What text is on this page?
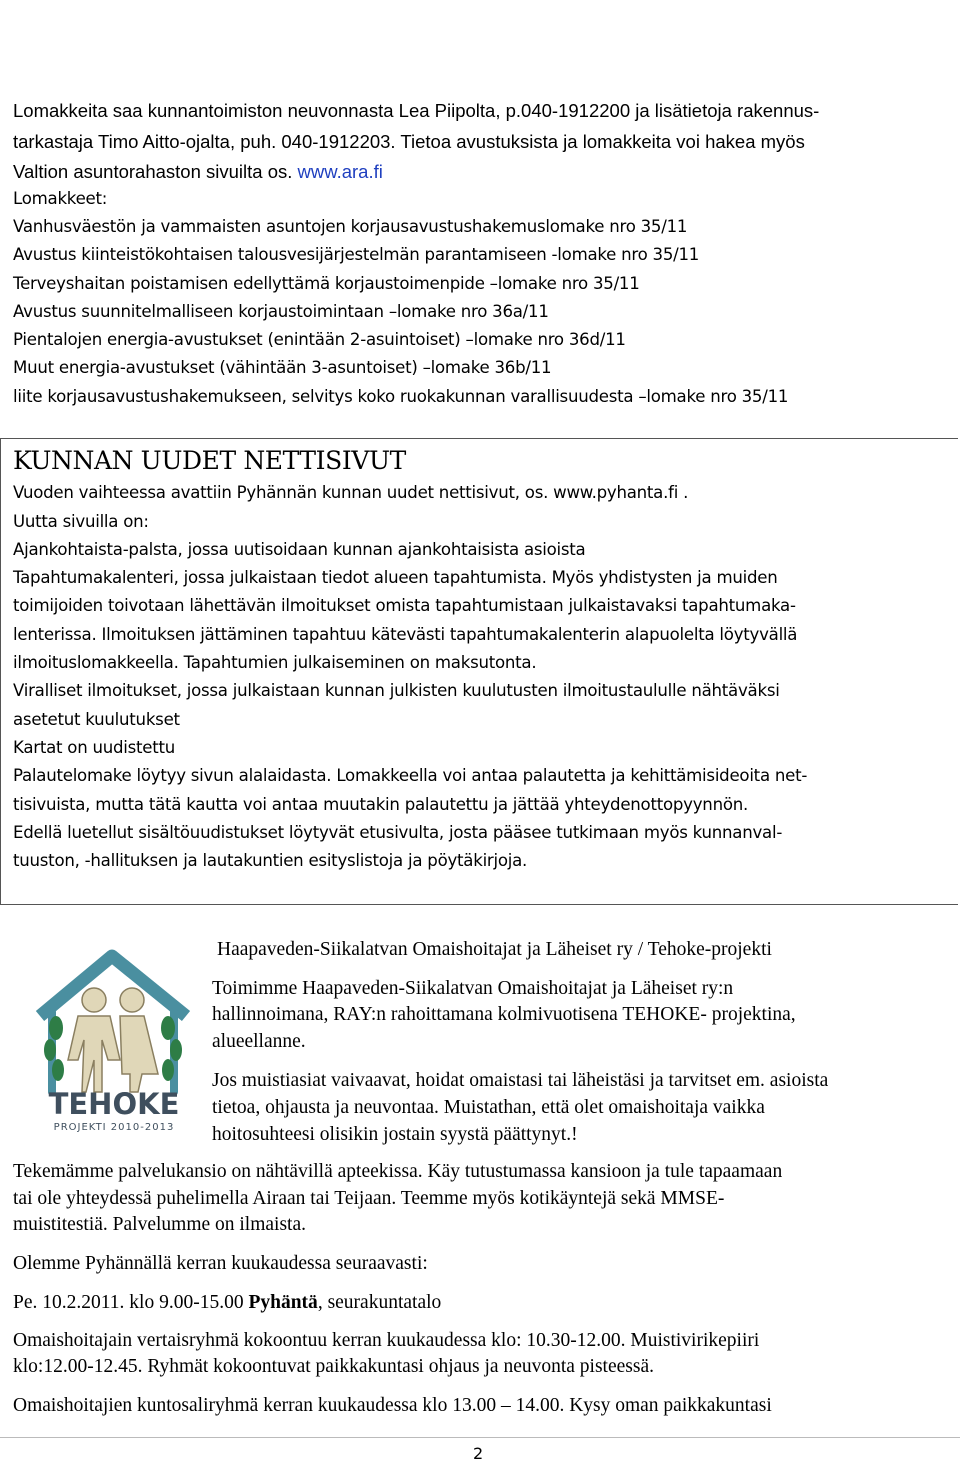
Lomakkeita saa kunnantoimiston neuvonnasta Lea Piipolta, p.040-1912200 ja lisätietoja rakennus-
tarkastaja Timo Aitto-ojalta, puh. 040-1912203. Tietoa avustuksista ja lomakkeita voi hakea myös
Valtion asuntorahaston sivuilta os. www.ara.fi
Lomakkeet:
Vanhusväestön ja vammaisten asuntojen korjausavustushakemuslomake nro 35/11
Avustus kiinteistökohtaisen talousvesijärjestelmän parantamiseen -lomake nro 35/11
Terveyshaitan poistamisen edellyttämä korjaustoimenpide –lomake nro 35/11
Avustus suunnitelmalliseen korjaustoimintaan –lomake nro 36a/11
Pientalojen energia-avustukset (enintään 2-asuintoiset) –lomake nro 36d/11
Muut energia-avustukset (vähintään 3-asuntoiset) –lomake 36b/11
liite korjausavustushakemukseen, selvitys koko ruokakunnan varallisuudesta –lomake nro 35/11
KUNNAN UUDET NETTISIVUT
Vuoden vaihteessa avattiin Pyhännän kunnan uudet nettisivut, os. www.pyhanta.fi .
Uutta sivuilla on:
Ajankohtaista-palsta, jossa uutisoidaan kunnan ajankohtaisista asioista
Tapahtumakalenteri, jossa julkaistaan tiedot alueen tapahtumista. Myös yhdistysten ja muiden
toimijoiden toivotaan lähettävän ilmoitukset omista tapahtumistaan julkaistavaksi tapahtumaka-
lenterissa. Ilmoituksen jättäminen tapahtuu kätevästi tapahtumakalenterin alapuolelta löytyvällä
ilmoituslomakkeella. Tapahtumien julkaiseminen on maksutonta.
Viralliset ilmoitukset, jossa julkaistaan kunnan julkisten kuulutusten ilmoitustaululle nähtäväksi
asetetut kuulutukset
Kartat on uudistettu
Palautelomake löytyy sivun alalaidasta. Lomakkeella voi antaa palautetta ja kehittämisideoita net-
tisivuista, mutta tätä kautta voi antaa muutakin palautettu ja jättää yhteydenottopyynnön.
Edellä luetellut sisältöuudistukset löytyvät etusivulta, josta pääsee tutkimaan myös kunnanval-
tuuston, -hallituksen ja lautakuntien esityslistoja ja pöytäkirjoja.
TEHOKE
PROJEKTI 2010-2013
Haapaveden-Siikalatvan Omaishoitajat ja Läheiset ry / Tehoke-projekti
Toimimme Haapaveden-Siikalatvan Omaishoitajat ja Läheiset ry:n
hallinnoimana, RAY:n rahoittamana kolmivuotisena TEHOKE- projektina,
alueellanne.
Jos muistiasiat vaivaavat, hoidat omaistasi tai läheistäsi ja tarvitset em. asioista
tietoa, ohjausta ja neuvontaa. Muistathan, että olet omaishoitaja vaikka
hoitosuhteesi olisikin jostain syystä päättynyt.!
Tekemämme palvelukansio on nähtävillä apteekissa. Käy tutustumassa kansioon ja tule tapaamaan
tai ole yhteydessä puhelimella Airaan tai Teijaan. Teemme myös kotikäyntejä sekä MMSE-
muistitestiä. Palvelumme on ilmaista.
Olemme Pyhännällä kerran kuukaudessa seuraavasti:
Pe. 10.2.2011. klo 9.00-15.00 Pyhäntä, seurakuntatalo
Omaishoitajain vertaisryhmä kokoontuu kerran kuukaudessa klo: 10.30-12.00. Muistivirikepiiri
klo:12.00-12.45. Ryhmät kokoontuvat paikkakuntasi ohjaus ja neuvonta pisteessä.
Omaishoitajien kuntosaliryhmä kerran kuukaudessa klo 13.00 – 14.00. Kysy oman paikkakuntasi
2
